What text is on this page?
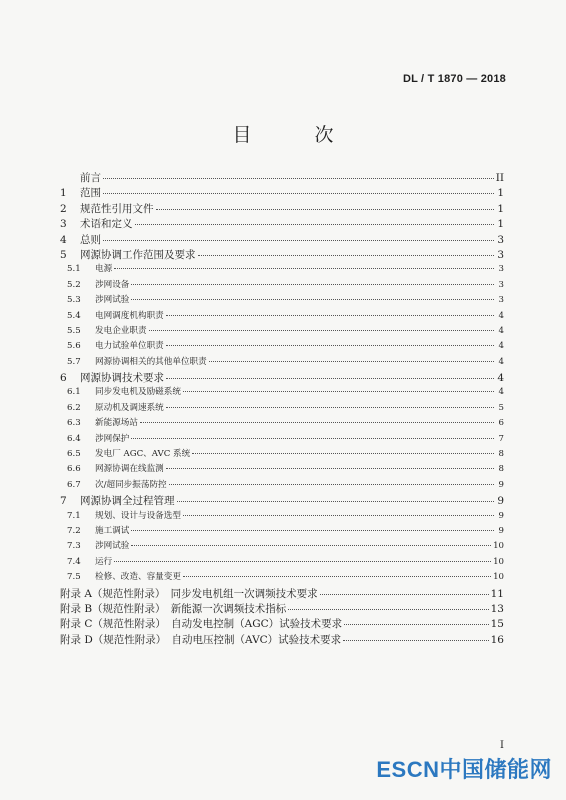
DL / T 1870 — 2018
目　次
前言	II
1	范围	1
2	规范性引用文件	1
3	术语和定义	1
4	总则	3
5	网源协调工作范围及要求	3
5.1	电源	3
5.2	涉网设备	3
5.3	涉网试验	3
5.4	电网调度机构职责	4
5.5	发电企业职责	4
5.6	电力试验单位职责	4
5.7	网源协调相关的其他单位职责	4
6	网源协调技术要求	4
6.1	同步发电机及励磁系统	4
6.2	原动机及调速系统	5
6.3	新能源场站	6
6.4	涉网保护	7
6.5	发电厂 AGC、AVC 系统	8
6.6	网源协调在线监测	8
6.7	次/超同步振荡防控	9
7	网源协调全过程管理	9
7.1	规划、设计与设备选型	9
7.2	施工调试	9
7.3	涉网试验	10
7.4	运行	10
7.5	检修、改造、容量变更	10
附录 A（规范性附录）　同步发电机组一次调频技术要求	11
附录 B（规范性附录）　新能源一次调频技术指标	13
附录 C（规范性附录）　自动发电控制（AGC）试验技术要求	15
附录 D（规范性附录）　自动电压控制（AVC）试验技术要求	16
I
ESCN中国储能网
